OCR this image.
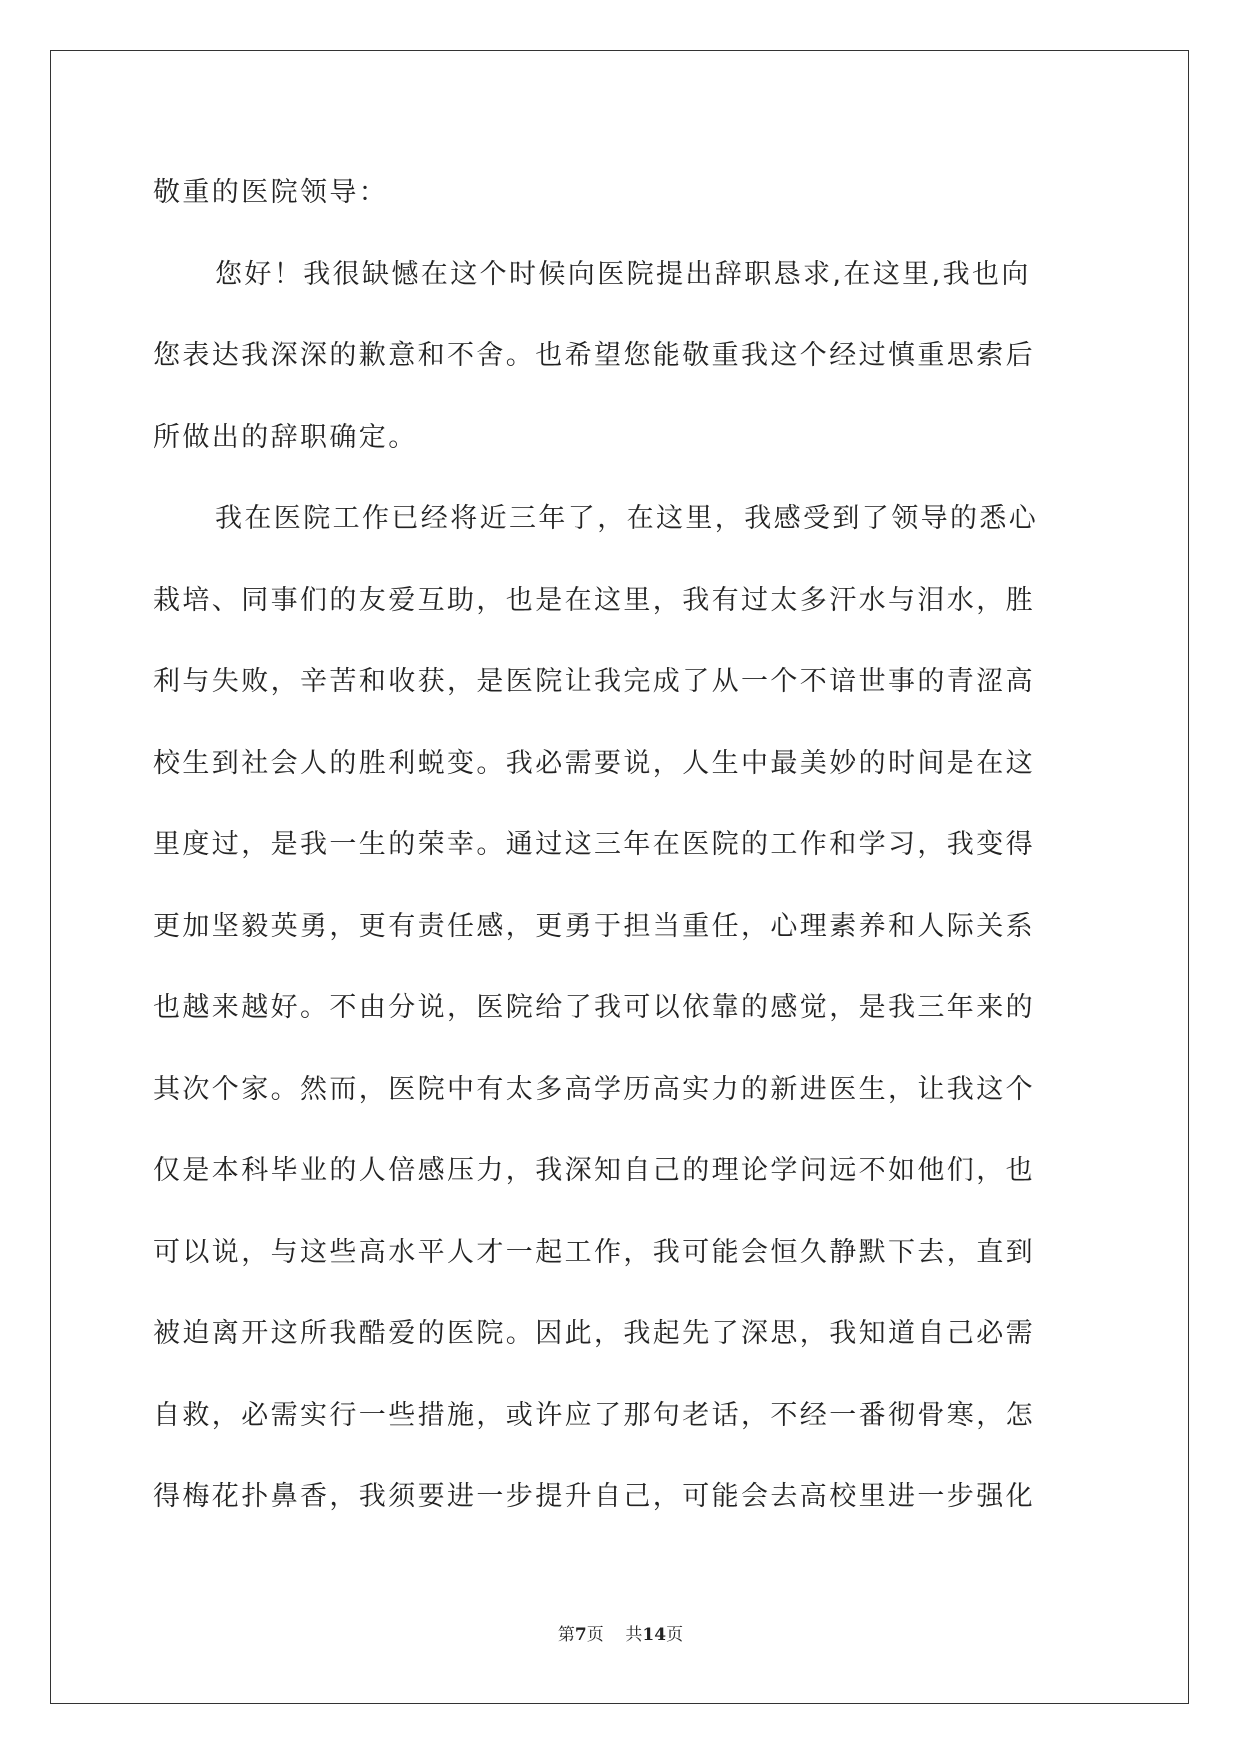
敬重的医院领导：
您好！我很缺憾在这个时候向医院提出辞职恳求,在这里,我也向
您表达我深深的歉意和不舍。也希望您能敬重我这个经过慎重思索后
所做出的辞职确定。
我在医院工作已经将近三年了，在这里，我感受到了领导的悉心
栽培、同事们的友爱互助，也是在这里，我有过太多汗水与泪水，胜
利与失败，辛苦和收获，是医院让我完成了从一个不谙世事的青涩高
校生到社会人的胜利蜕变。我必需要说，人生中最美妙的时间是在这
里度过，是我一生的荣幸。通过这三年在医院的工作和学习，我变得
更加坚毅英勇，更有责任感，更勇于担当重任，心理素养和人际关系
也越来越好。不由分说，医院给了我可以依靠的感觉，是我三年来的
其次个家。然而，医院中有太多高学历高实力的新进医生，让我这个
仅是本科毕业的人倍感压力，我深知自己的理论学问远不如他们，也
可以说，与这些高水平人才一起工作，我可能会恒久静默下去，直到
被迫离开这所我酷爱的医院。因此，我起先了深思，我知道自己必需
自救，必需实行一些措施，或许应了那句老话，不经一番彻骨寒，怎
得梅花扑鼻香，我须要进一步提升自己，可能会去高校里进一步强化
第7页 共14页
